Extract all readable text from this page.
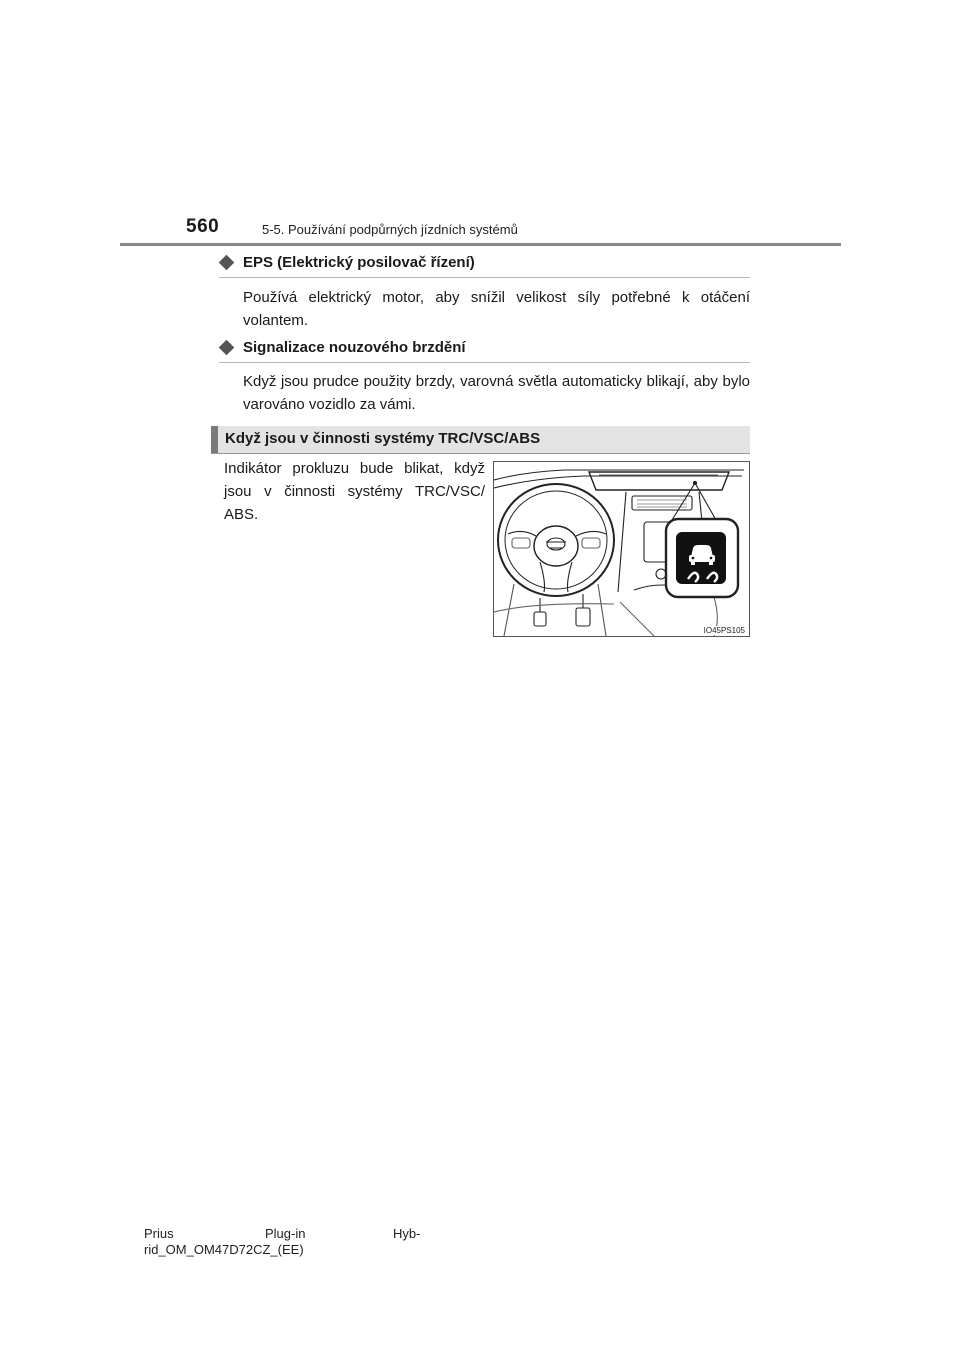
560	5-5. Používání podpůrných jízdních systémů
EPS (Elektrický posilovač řízení)

Používá elektrický motor, aby snížil velikost síly potřebné k otáčení volantem.

Signalizace nouzového brzdění

Když jsou prudce použity brzdy, varovná světla automaticky blikají, aby bylo varováno vozidlo za vámi.

Když jsou v činnosti systémy TRC/VSC/ABS

Indikátor prokluzu bude blikat, když jsou v činnosti systémy TRC/VSC/ ABS.

IO45PS105
Prius	Plug-in	Hyb-
rid_OM_OM47D72CZ_(EE)
